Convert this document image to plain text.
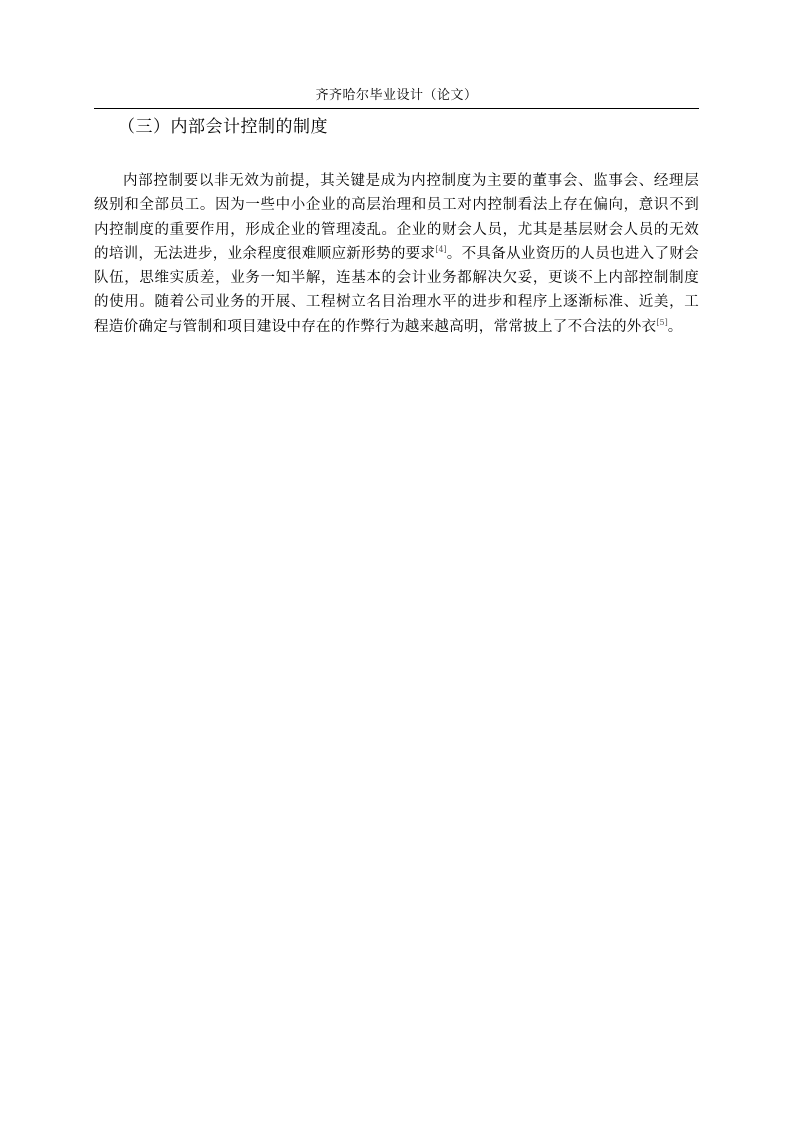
齐齐哈尔毕业设计（论文）
（三）内部会计控制的制度

内部控制要以非无效为前提，其关键是成为内控制度为主要的董事会、监事会、经理层级别和全部员工。因为一些中小企业的高层治理和员工对内控制看法上存在偏向，意识不到内控制度的重要作用，形成企业的管理凌乱。企业的财会人员，尤其是基层财会人员的无效的培训，无法进步，业余程度很难顺应新形势的要求[4]。不具备从业资历的人员也进入了财会队伍，思维实质差，业务一知半解，连基本的会计业务都解决欠妥，更谈不上内部控制制度的使用。随着公司业务的开展、工程树立名目治理水平的进步和程序上逐渐标准、近美，工程造价确定与管制和项目建设中存在的作弊行为越来越高明，常常披上了不合法的外衣[5]。
